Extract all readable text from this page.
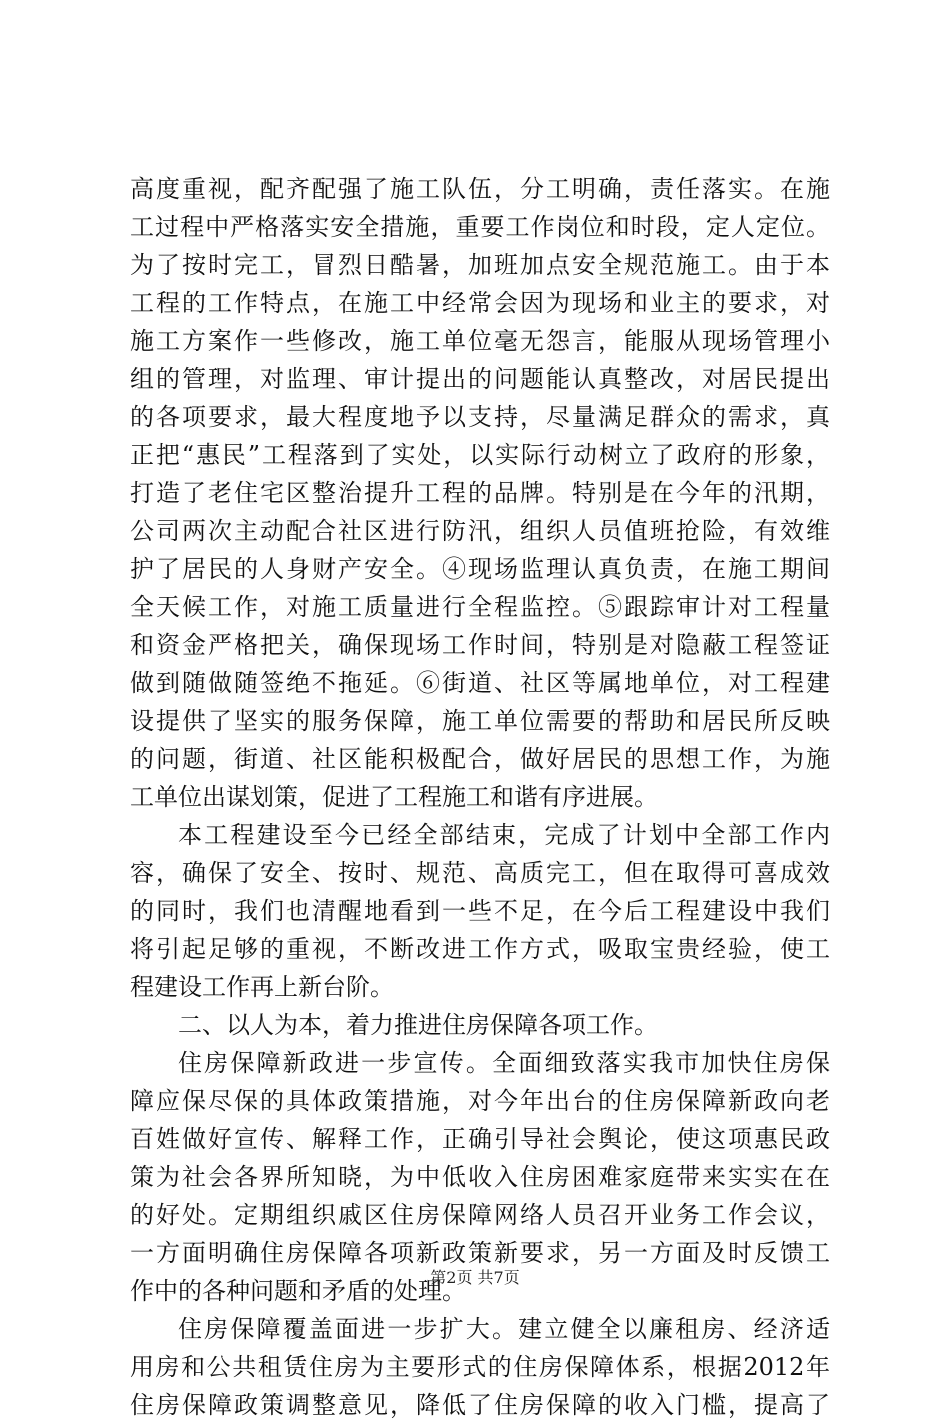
高度重视，配齐配强了施工队伍，分工明确，责任落实。在施
工过程中严格落实安全措施，重要工作岗位和时段，定人定位。
为了按时完工，冒烈日酷暑，加班加点安全规范施工。由于本
工程的工作特点，在施工中经常会因为现场和业主的要求，对
施工方案作一些修改，施工单位毫无怨言，能服从现场管理小
组的管理，对监理、审计提出的问题能认真整改，对居民提出
的各项要求，最大程度地予以支持，尽量满足群众的需求，真
正把“惠民”工程落到了实处，以实际行动树立了政府的形象，
打造了老住宅区整治提升工程的品牌。特别是在今年的汛期，
公司两次主动配合社区进行防汛，组织人员值班抢险，有效维
护了居民的人身财产安全。④现场监理认真负责，在施工期间
全天候工作，对施工质量进行全程监控。⑤跟踪审计对工程量
和资金严格把关，确保现场工作时间，特别是对隐蔽工程签证
做到随做随签绝不拖延。⑥街道、社区等属地单位，对工程建
设提供了坚实的服务保障，施工单位需要的帮助和居民所反映
的问题，街道、社区能积极配合，做好居民的思想工作，为施
工单位出谋划策，促进了工程施工和谐有序进展。
本工程建设至今已经全部结束，完成了计划中全部工作内
容，确保了安全、按时、规范、高质完工，但在取得可喜成效
的同时，我们也清醒地看到一些不足，在今后工程建设中我们
将引起足够的重视，不断改进工作方式，吸取宝贵经验，使工
程建设工作再上新台阶。
二、以人为本，着力推进住房保障各项工作。
住房保障新政进一步宣传。全面细致落实我市加快住房保
障应保尽保的具体政策措施，对今年出台的住房保障新政向老
百姓做好宣传、解释工作，正确引导社会舆论，使这项惠民政
策为社会各界所知晓，为中低收入住房困难家庭带来实实在在
的好处。定期组织戚区住房保障网络人员召开业务工作会议，
一方面明确住房保障各项新政策新要求，另一方面及时反馈工
作中的各种问题和矛盾的处理。
住房保障覆盖面进一步扩大。建立健全以廉租房、经济适
用房和公共租赁住房为主要形式的住房保障体系，根据2012年
住房保障政策调整意见，降低了住房保障的收入门槛，提高了
第2页 共7页
